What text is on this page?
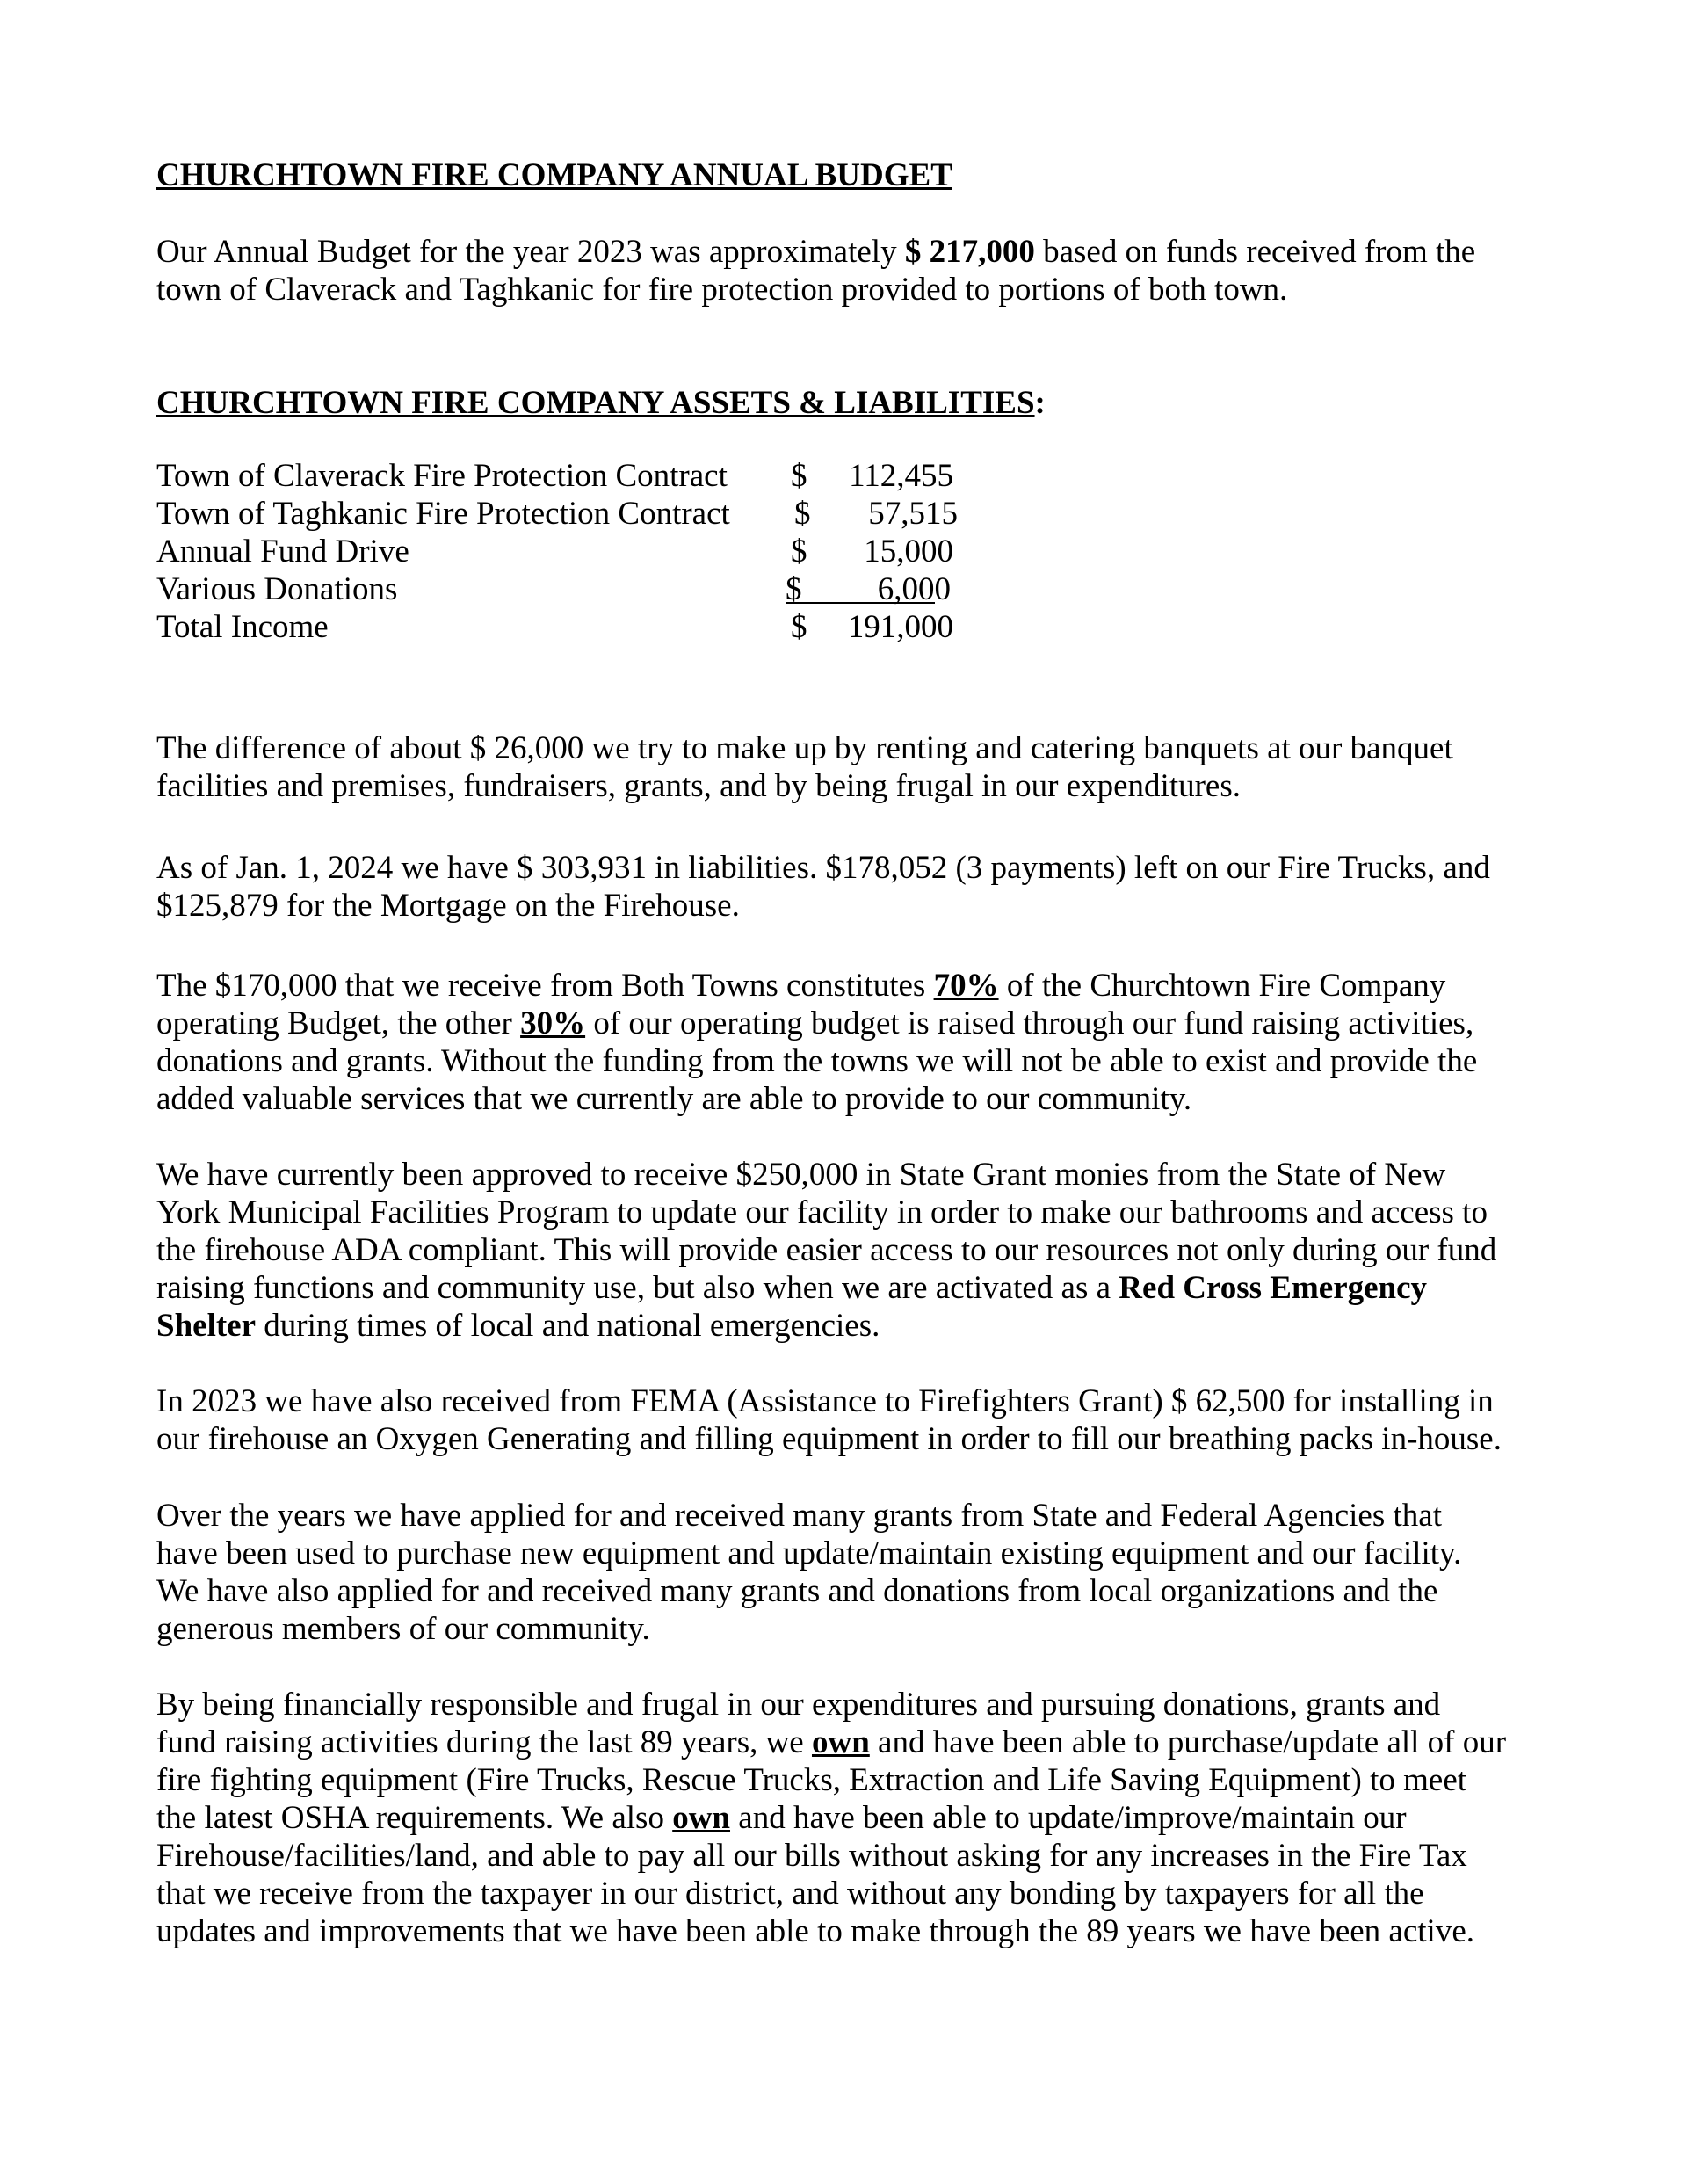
CHURCHTOWN FIRE COMPANY ANNUAL BUDGET

Our Annual Budget for the year 2023 was approximately $ 217,000 based on funds received from the
town of Claverack and Taghkanic for fire protection provided to portions of both town.

CHURCHTOWN FIRE COMPANY ASSETS & LIABILITIES:
Town of Claverack Fire Protection Contract $ 112,455
Town of Taghkanic Fire Protection Contract $ 57,515
Annual Fund Drive	$ 15,000
Various Donations	$ 6,000
Total Income	$ 191,000

The difference of about $ 26,000 we try to make up by renting and catering banquets at our banquet
facilities and premises, fundraisers, grants, and by being frugal in our expenditures.

As of Jan. 1, 2024 we have $ 303,931 in liabilities. $178,052 (3 payments) left on our Fire Trucks, and
$125,879 for the Mortgage on the Firehouse.

The $170,000 that we receive from Both Towns constitutes 70% of the Churchtown Fire Company
operating Budget, the other 30% of our operating budget is raised through our fund raising activities,
donations and grants. Without the funding from the towns we will not be able to exist and provide the
added valuable services that we currently are able to provide to our community.

We have currently been approved to receive $250,000 in State Grant monies from the State of New
York Municipal Facilities Program to update our facility in order to make our bathrooms and access to
the firehouse ADA compliant. This will provide easier access to our resources not only during our fund
raising functions and community use, but also when we are activated as a Red Cross Emergency
Shelter during times of local and national emergencies.

In 2023 we have also received from FEMA (Assistance to Firefighters Grant) $ 62,500 for installing in
our firehouse an Oxygen Generating and filling equipment in order to fill our breathing packs in-house.

Over the years we have applied for and received many grants from State and Federal Agencies that
have been used to purchase new equipment and update/maintain existing equipment and our facility.
We have also applied for and received many grants and donations from local organizations and the
generous members of our community.

By being financially responsible and frugal in our expenditures and pursuing donations, grants and
fund raising activities during the last 89 years, we own and have been able to purchase/update all of our
fire fighting equipment (Fire Trucks, Rescue Trucks, Extraction and Life Saving Equipment) to meet
the latest OSHA requirements. We also own and have been able to update/improve/maintain our
Firehouse/facilities/land, and able to pay all our bills without asking for any increases in the Fire Tax
that we receive from the taxpayer in our district, and without any bonding by taxpayers for all the
updates and improvements that we have been able to make through the 89 years we have been active.
